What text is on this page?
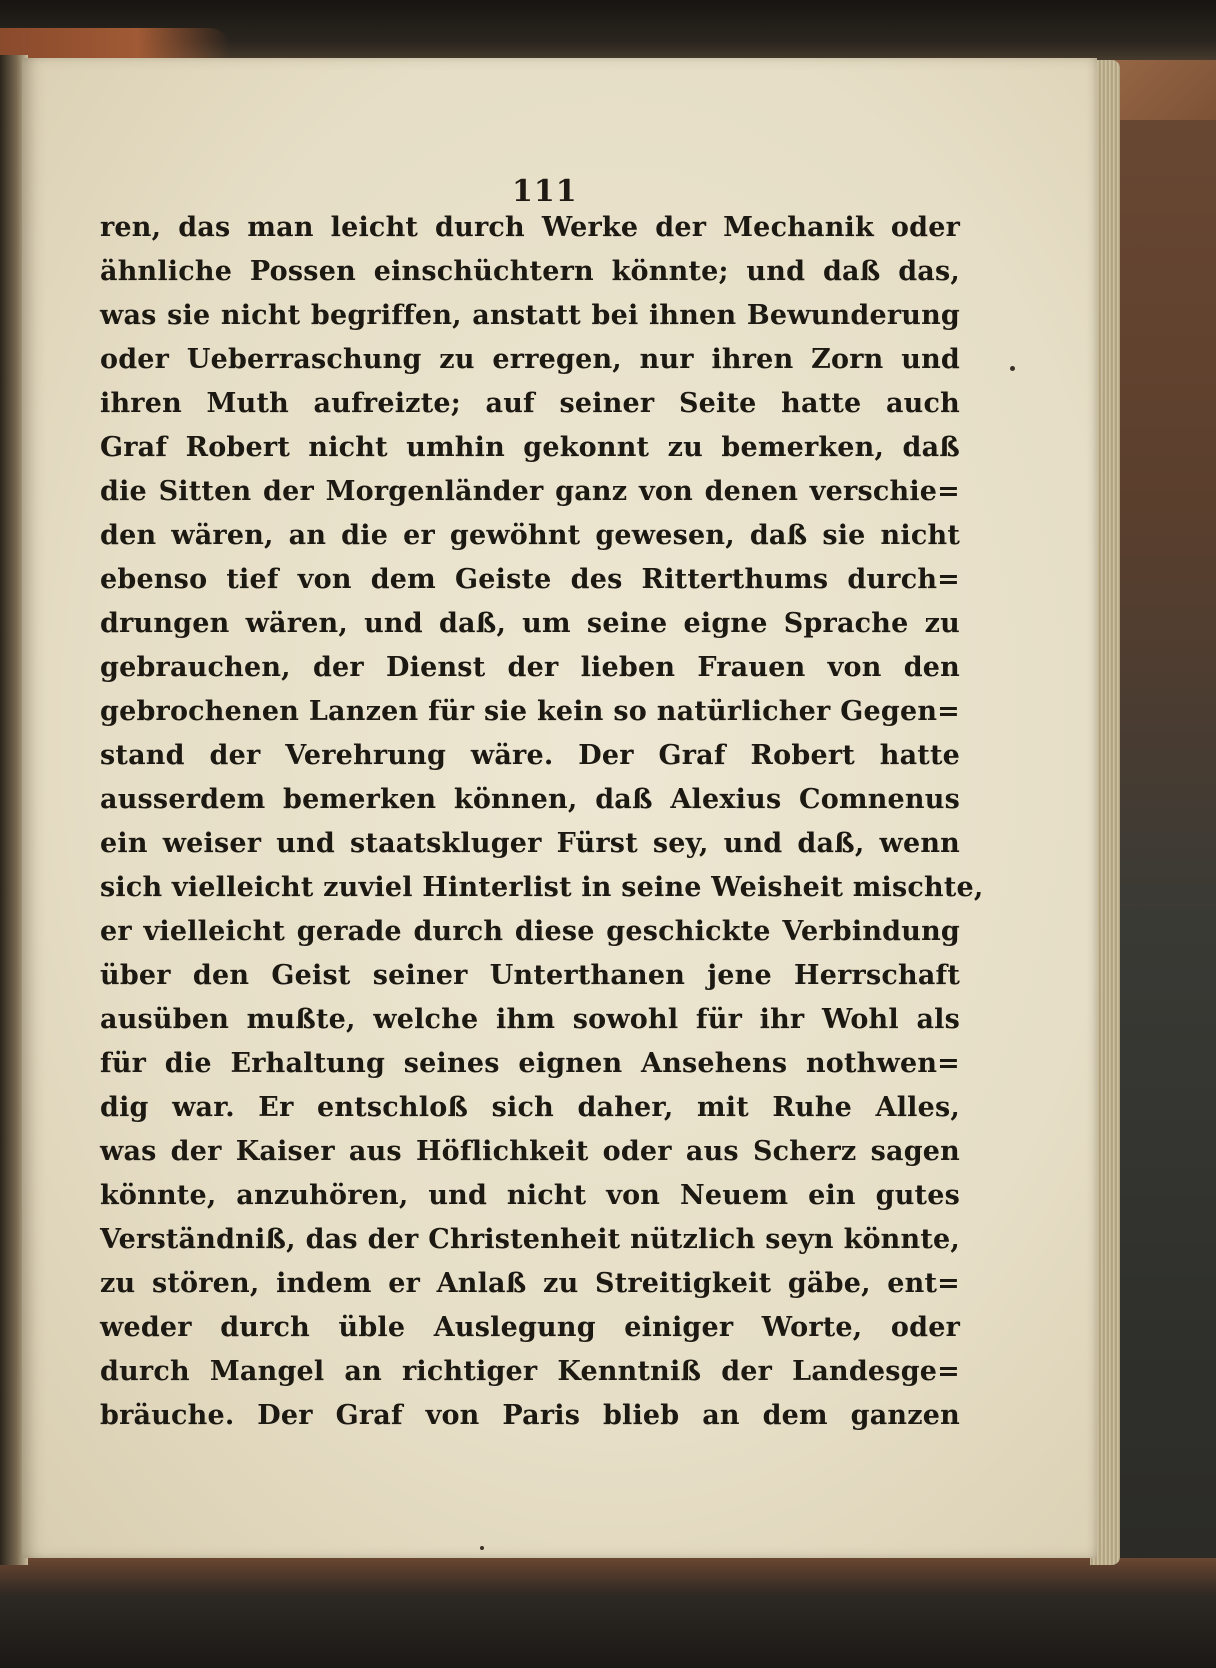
111
ren, das man leicht durch Werke der Mechanik oder
ähnliche Possen einschüchtern könnte; und daß das,
was sie nicht begriffen, anstatt bei ihnen Bewunderung
oder Ueberraschung zu erregen, nur ihren Zorn und
ihren Muth aufreizte; auf seiner Seite hatte auch
Graf Robert nicht umhin gekonnt zu bemerken, daß
die Sitten der Morgenländer ganz von denen verschie=
den wären, an die er gewöhnt gewesen, daß sie nicht
ebenso tief von dem Geiste des Ritterthums durch=
drungen wären, und daß, um seine eigne Sprache zu
gebrauchen, der Dienst der lieben Frauen von den
gebrochenen Lanzen für sie kein so natürlicher Gegen=
stand der Verehrung wäre. Der Graf Robert hatte
ausserdem bemerken können, daß Alexius Comnenus
ein weiser und staatskluger Fürst sey, und daß, wenn
sich vielleicht zuviel Hinterlist in seine Weisheit mischte,
er vielleicht gerade durch diese geschickte Verbindung
über den Geist seiner Unterthanen jene Herrschaft
ausüben mußte, welche ihm sowohl für ihr Wohl als
für die Erhaltung seines eignen Ansehens nothwen=
dig war. Er entschloß sich daher, mit Ruhe Alles,
was der Kaiser aus Höflichkeit oder aus Scherz sagen
könnte, anzuhören, und nicht von Neuem ein gutes
Verständniß, das der Christenheit nützlich seyn könnte,
zu stören, indem er Anlaß zu Streitigkeit gäbe, ent=
weder durch üble Auslegung einiger Worte, oder
durch Mangel an richtiger Kenntniß der Landesge=
bräuche. Der Graf von Paris blieb an dem ganzen
